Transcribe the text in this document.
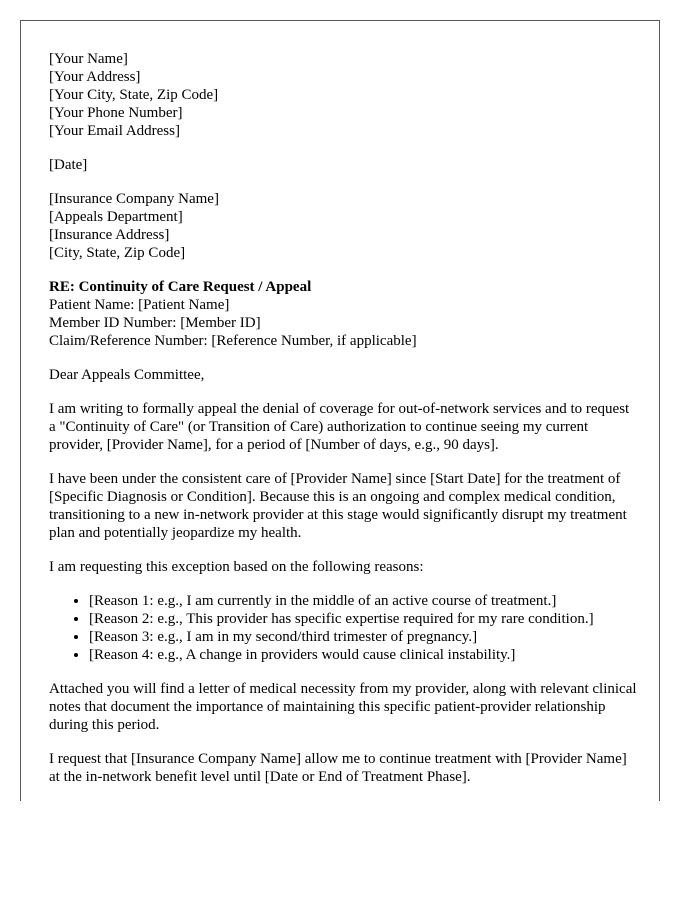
[Your Name]
[Your Address]
[Your City, State, Zip Code]
[Your Phone Number]
[Your Email Address]
[Date]
[Insurance Company Name]
[Appeals Department]
[Insurance Address]
[City, State, Zip Code]
RE: Continuity of Care Request / Appeal
Patient Name: [Patient Name]
Member ID Number: [Member ID]
Claim/Reference Number: [Reference Number, if applicable]

Dear Appeals Committee,

I am writing to formally appeal the denial of coverage for out-of-network services and to request a "Continuity of Care" (or Transition of Care) authorization to continue seeing my current provider, [Provider Name], for a period of [Number of days, e.g., 90 days].

I have been under the consistent care of [Provider Name] since [Start Date] for the treatment of [Specific Diagnosis or Condition]. Because this is an ongoing and complex medical condition, transitioning to a new in-network provider at this stage would significantly disrupt my treatment plan and potentially jeopardize my health.

I am requesting this exception based on the following reasons:

• [Reason 1: e.g., I am currently in the middle of an active course of treatment.]
• [Reason 2: e.g., This provider has specific expertise required for my rare condition.]
• [Reason 3: e.g., I am in my second/third trimester of pregnancy.]
• [Reason 4: e.g., A change in providers would cause clinical instability.]

Attached you will find a letter of medical necessity from my provider, along with relevant clinical notes that document the importance of maintaining this specific patient-provider relationship during this period.

I request that [Insurance Company Name] allow me to continue treatment with [Provider Name] at the in-network benefit level until [Date or End of Treatment Phase].
